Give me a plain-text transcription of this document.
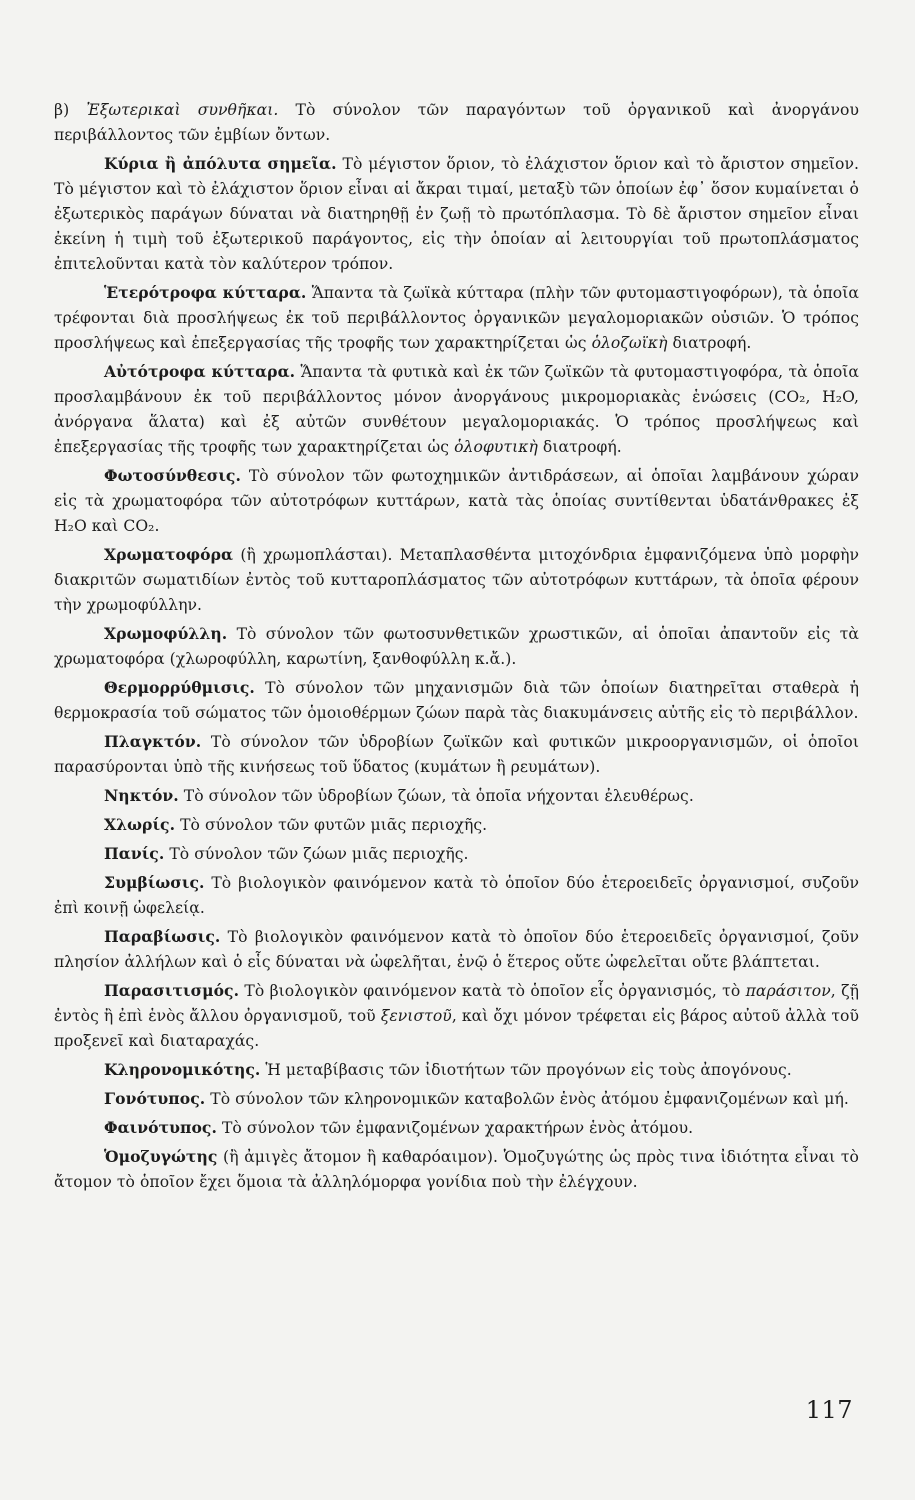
β) Ἐξωτερικαὶ συνθῆκαι. Τὸ σύνολον τῶν παραγόντων τοῦ ὀργανικοῦ καὶ ἀνοργάνου περιβάλλοντος τῶν ἐμβίων ὄντων.

Κύρια ἢ ἀπόλυτα σημεῖα. Τὸ μέγιστον ὅριον, τὸ ἐλάχιστον ὅριον καὶ τὸ ἄριστον σημεῖον. Τὸ μέγιστον καὶ τὸ ἐλάχιστον ὅριον εἶναι αἱ ἄκραι τιμαί, μεταξὺ τῶν ὁποίων ἐφ᾽ ὅσον κυμαίνεται ὁ ἐξωτερικὸς παράγων δύναται νὰ διατηρηθῇ ἐν ζωῇ τὸ πρωτόπλασμα. Τὸ δὲ ἄριστον σημεῖον εἶναι ἐκείνη ἡ τιμὴ τοῦ ἐξωτερικοῦ παράγοντος, εἰς τὴν ὁποίαν αἱ λειτουργίαι τοῦ πρωτοπλάσματος ἐπιτελοῦνται κατὰ τὸν καλύτερον τρόπον.

Ἑτερότροφα κύτταρα. Ἅπαντα τὰ ζωϊκὰ κύτταρα (πλὴν τῶν φυτομαστιγοφόρων), τὰ ὁποῖα τρέφονται διὰ προσλήψεως ἐκ τοῦ περιβάλλοντος ὀργανικῶν μεγαλομοριακῶν οὐσιῶν. Ὁ τρόπος προσλήψεως καὶ ἐπεξεργασίας τῆς τροφῆς των χαρακτηρίζεται ὡς ὁλοζωϊκὴ διατροφή.

Αὐτότροφα κύτταρα. Ἅπαντα τὰ φυτικὰ καὶ ἐκ τῶν ζωϊκῶν τὰ φυτομαστιγοφόρα, τὰ ὁποῖα προσλαμβάνουν ἐκ τοῦ περιβάλλοντος μόνον ἀνοργάνους μικρομοριακὰς ἑνώσεις (CO₂, H₂O, ἀνόργανα ἅλατα) καὶ ἐξ αὐτῶν συνθέτουν μεγαλομοριακάς. Ὁ τρόπος προσλήψεως καὶ ἐπεξεργασίας τῆς τροφῆς των χαρακτηρίζεται ὡς ὁλοφυτικὴ διατροφή.

Φωτοσύνθεσις. Τὸ σύνολον τῶν φωτοχημικῶν ἀντιδράσεων, αἱ ὁποῖαι λαμβάνουν χώραν εἰς τὰ χρωματοφόρα τῶν αὐτοτρόφων κυττάρων, κατὰ τὰς ὁποίας συντίθενται ὑδατάνθρακες ἐξ H₂O καὶ CO₂.

Χρωματοφόρα (ἢ χρωμοπλάσται). Μεταπλασθέντα μιτοχόνδρια ἐμφανιζόμενα ὑπὸ μορφὴν διακριτῶν σωματιδίων ἐντὸς τοῦ κυτταροπλάσματος τῶν αὐτοτρόφων κυττάρων, τὰ ὁποῖα φέρουν τὴν χρωμοφύλλην.

Χρωμοφύλλη. Τὸ σύνολον τῶν φωτοσυνθετικῶν χρωστικῶν, αἱ ὁποῖαι ἀπαντοῦν εἰς τὰ χρωματοφόρα (χλωροφύλλη, καρωτίνη, ξανθοφύλλη κ.ἄ.).

Θερμορρύθμισις. Τὸ σύνολον τῶν μηχανισμῶν διὰ τῶν ὁποίων διατηρεῖται σταθερὰ ἡ θερμοκρασία τοῦ σώματος τῶν ὁμοιοθέρμων ζώων παρὰ τὰς διακυμάνσεις αὐτῆς εἰς τὸ περιβάλλον.

Πλαγκτόν. Τὸ σύνολον τῶν ὑδροβίων ζωϊκῶν καὶ φυτικῶν μικροοργανισμῶν, οἱ ὁποῖοι παρασύρονται ὑπὸ τῆς κινήσεως τοῦ ὕδατος (κυμάτων ἢ ρευμάτων).

Νηκτόν. Τὸ σύνολον τῶν ὑδροβίων ζώων, τὰ ὁποῖα νήχονται ἐλευθέρως.

Χλωρίς. Τὸ σύνολον τῶν φυτῶν μιᾶς περιοχῆς.

Πανίς. Τὸ σύνολον τῶν ζώων μιᾶς περιοχῆς.

Συμβίωσις. Τὸ βιολογικὸν φαινόμενον κατὰ τὸ ὁποῖον δύο ἑτεροειδεῖς ὀργανισμοί, συζοῦν ἐπὶ κοινῇ ὠφελείᾳ.

Παραβίωσις. Τὸ βιολογικὸν φαινόμενον κατὰ τὸ ὁποῖον δύο ἑτεροειδεῖς ὀργανισμοί, ζοῦν πλησίον ἀλλήλων καὶ ὁ εἷς δύναται νὰ ὠφελῆται, ἐνῷ ὁ ἕτερος οὔτε ὠφελεῖται οὔτε βλάπτεται.

Παρασιτισμός. Τὸ βιολογικὸν φαινόμενον κατὰ τὸ ὁποῖον εἷς ὀργανισμός, τὸ παράσιτον, ζῇ ἐντὸς ἢ ἐπὶ ἑνὸς ἄλλου ὀργανισμοῦ, τοῦ ξενιστοῦ, καὶ ὄχι μόνον τρέφεται εἰς βάρος αὐτοῦ ἀλλὰ τοῦ προξενεῖ καὶ διαταραχάς.

Κληρονομικότης. Ἡ μεταβίβασις τῶν ἰδιοτήτων τῶν προγόνων εἰς τοὺς ἀπογόνους.

Γονότυπος. Τὸ σύνολον τῶν κληρονομικῶν καταβολῶν ἑνὸς ἀτόμου ἐμφανιζομένων καὶ μή.

Φαινότυπος. Τὸ σύνολον τῶν ἐμφανιζομένων χαρακτήρων ἑνὸς ἀτόμου.

Ὁμοζυγώτης (ἢ ἀμιγὲς ἄτομον ἢ καθαρόαιμον). Ὁμοζυγώτης ὡς πρὸς τινα ἰδιότητα εἶναι τὸ ἄτομον τὸ ὁποῖον ἔχει ὅμοια τὰ ἀλληλόμορφα γονίδια ποὺ τὴν ἐλέγχουν.

117
